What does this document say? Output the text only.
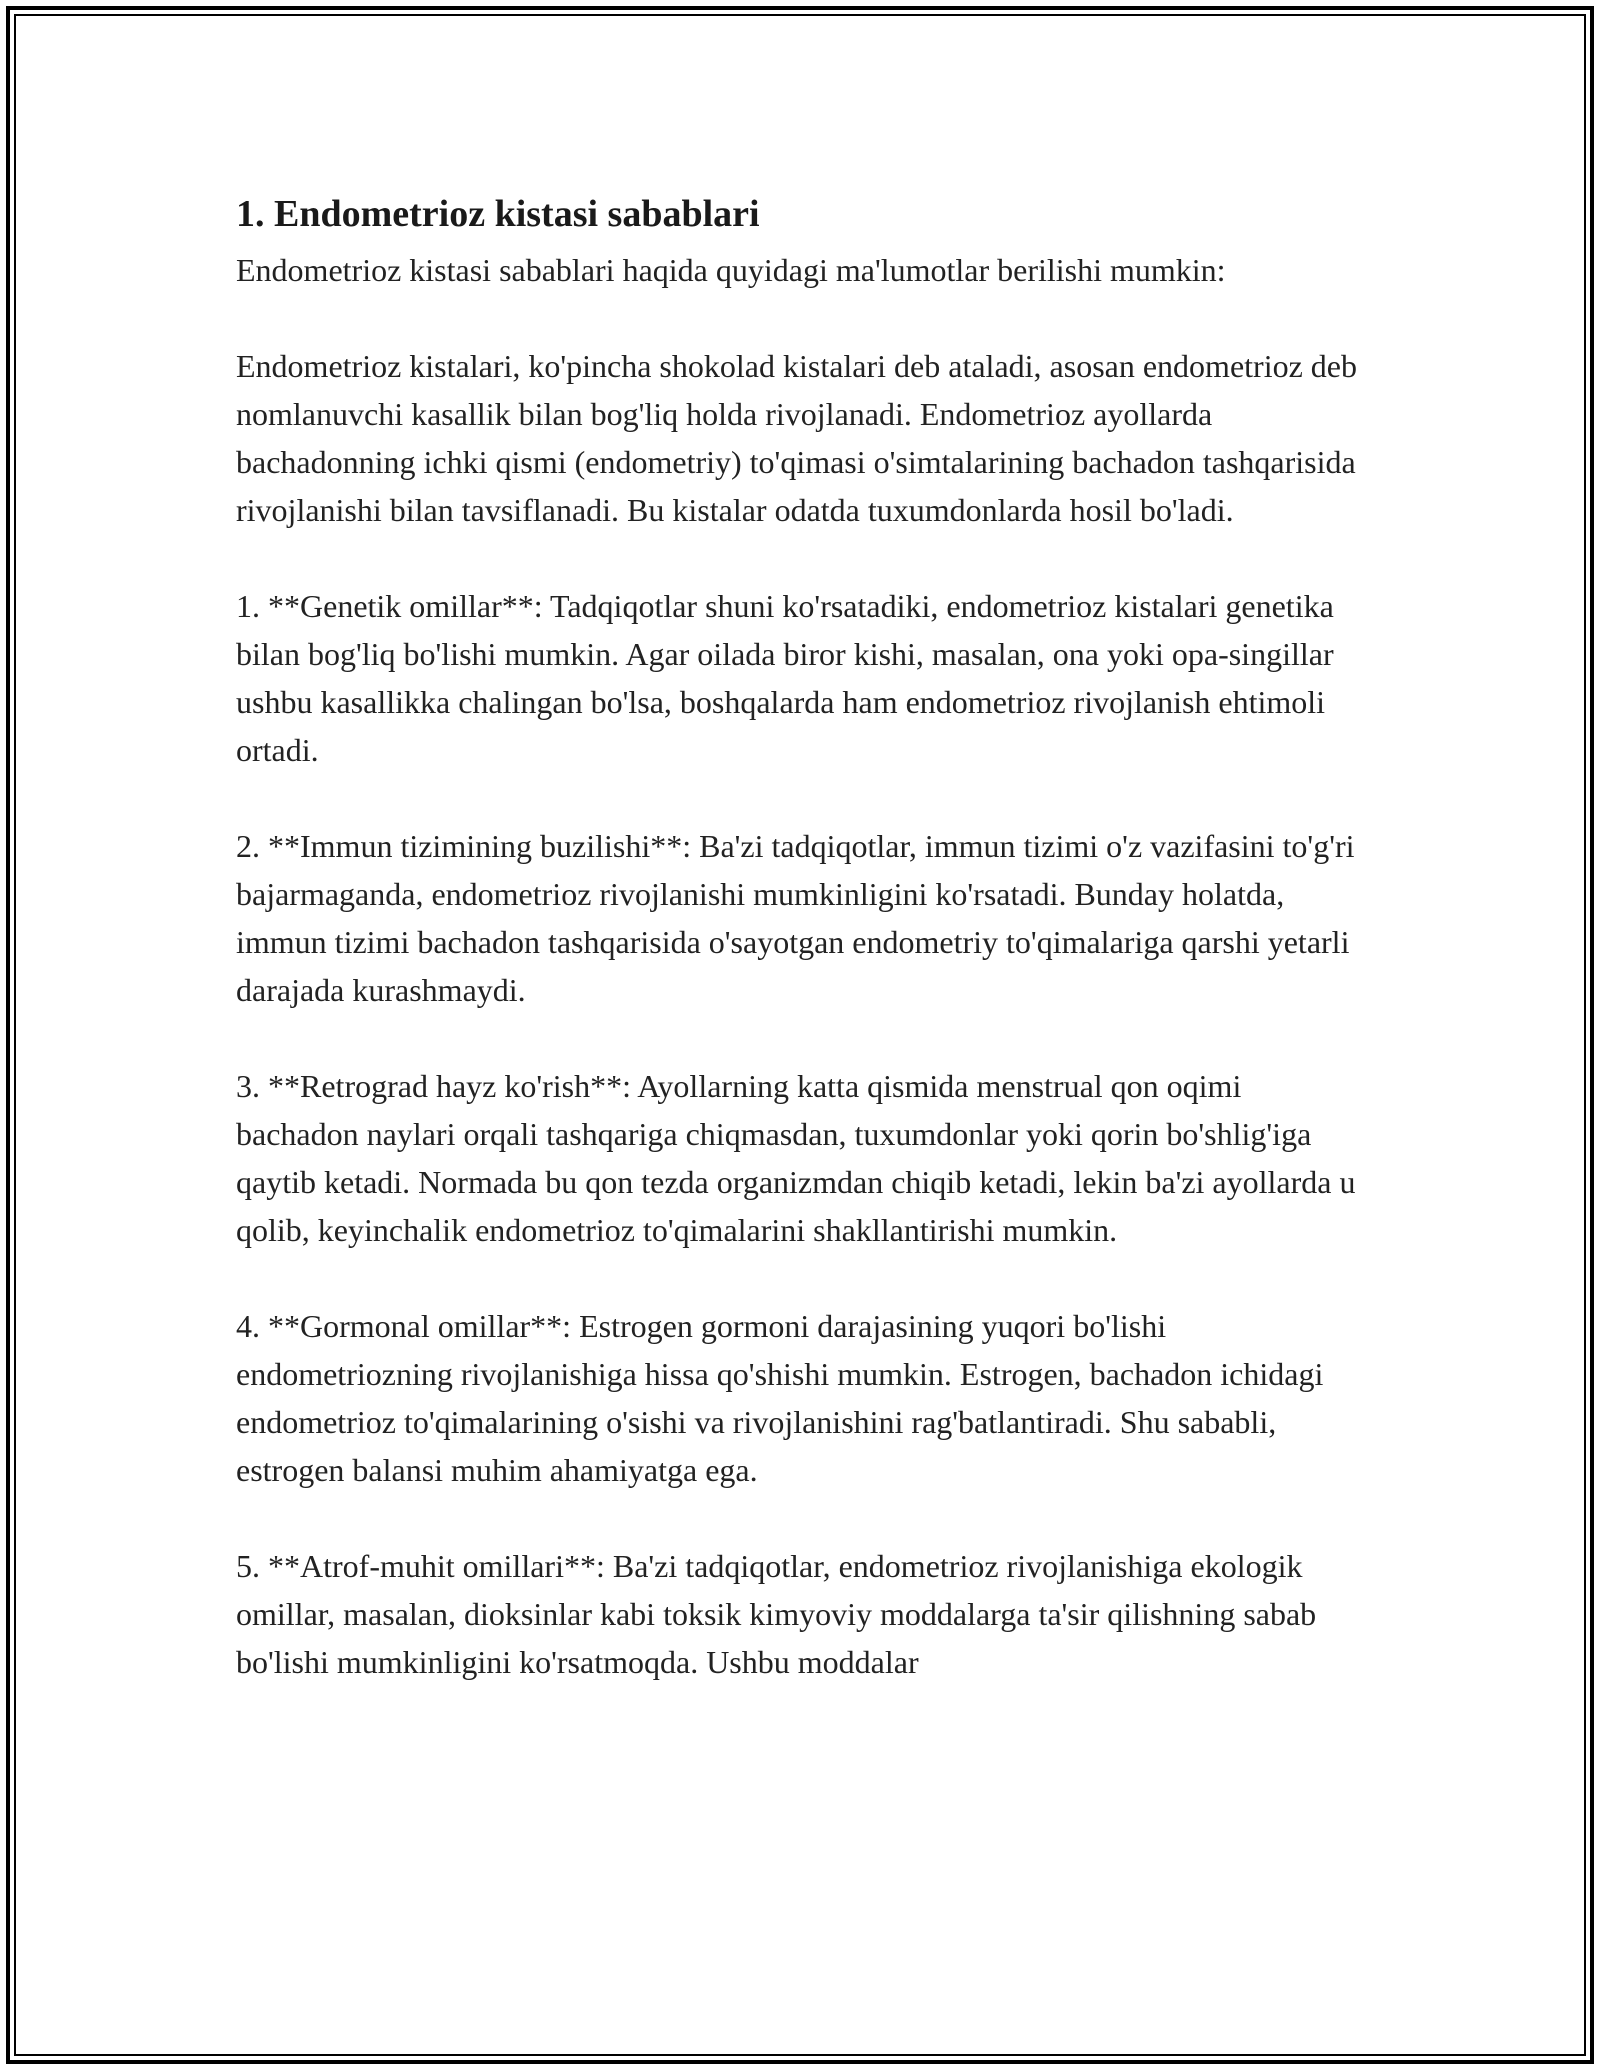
1. Endometrioz kistasi sabablari

Endometrioz kistasi sabablari haqida quyidagi ma'lumotlar berilishi mumkin:

Endometrioz kistalari, ko'pincha shokolad kistalari deb ataladi, asosan endometrioz deb nomlanuvchi kasallik bilan bog'liq holda rivojlanadi. Endometrioz ayollarda bachadonning ichki qismi (endometriy) to'qimasi o'simtalarining bachadon tashqarisida rivojlanishi bilan tavsiflanadi. Bu kistalar odatda tuxumdonlarda hosil bo'ladi.

1. **Genetik omillar**: Tadqiqotlar shuni ko'rsatadiki, endometrioz kistalari genetika bilan bog'liq bo'lishi mumkin. Agar oilada biror kishi, masalan, ona yoki opa-singillar ushbu kasallikka chalingan bo'lsa, boshqalarda ham endometrioz rivojlanish ehtimoli ortadi.

2. **Immun tizimining buzilishi**: Ba'zi tadqiqotlar, immun tizimi o'z vazifasini to'g'ri bajarmaganda, endometrioz rivojlanishi mumkinligini ko'rsatadi. Bunday holatda, immun tizimi bachadon tashqarisida o'sayotgan endometriy to'qimalariga qarshi yetarli darajada kurashmaydi.

3. **Retrograd hayz ko'rish**: Ayollarning katta qismida menstrual qon oqimi bachadon naylari orqali tashqariga chiqmasdan, tuxumdonlar yoki qorin bo'shlig'iga qaytib ketadi. Normada bu qon tezda organizmdan chiqib ketadi, lekin ba'zi ayollarda u qolib, keyinchalik endometrioz to'qimalarini shakllantirishi mumkin.

4. **Gormonal omillar**: Estrogen gormoni darajasining yuqori bo'lishi endometriozning rivojlanishiga hissa qo'shishi mumkin. Estrogen, bachadon ichidagi endometrioz to'qimalarining o'sishi va rivojlanishini rag'batlantiradi. Shu sababli, estrogen balansi muhim ahamiyatga ega.

5. **Atrof-muhit omillari**: Ba'zi tadqiqotlar, endometrioz rivojlanishiga ekologik omillar, masalan, dioksinlar kabi toksik kimyoviy moddalarga ta'sir qilishning sabab bo'lishi mumkinligini ko'rsatmoqda. Ushbu moddalar
